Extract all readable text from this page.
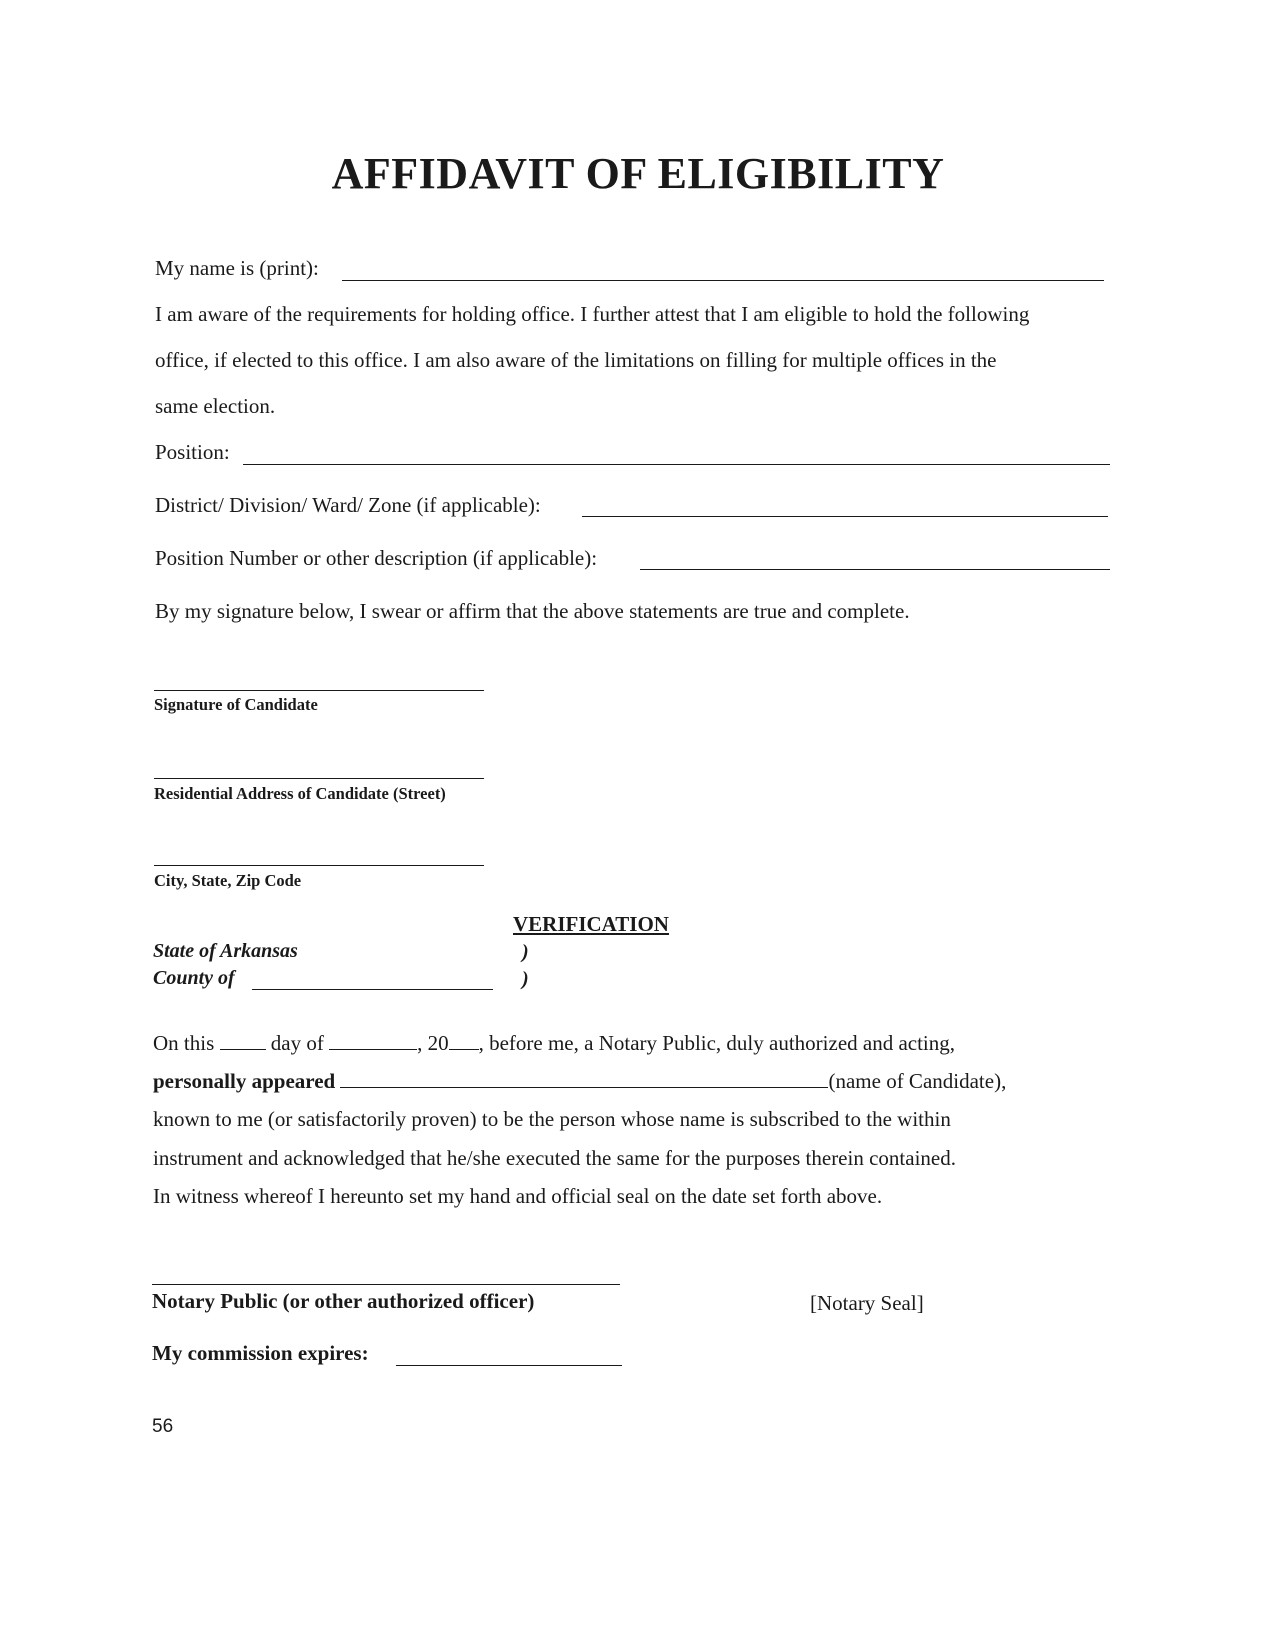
AFFIDAVIT OF ELIGIBILITY
My name is (print):
I am aware of the requirements for holding office. I further attest that I am eligible to hold the following
office, if elected to this office. I am also aware of the limitations on filling for multiple offices in the
same election.
Position:
District/ Division/ Ward/ Zone (if applicable):
Position Number or other description (if applicable):
By my signature below, I swear or affirm that the above statements are true and complete.
Signature of Candidate
Residential Address of Candidate (Street)
City, State, Zip Code
VERIFICATION
State of Arkansas
County of
)
)
On this	day of	, 20 , before me, a Notary Public, duly authorized and acting,
personally appeared	(name of Candidate),
known to me (or satisfactorily proven) to be the person whose name is subscribed to the within
instrument and acknowledged that he/she executed the same for the purposes therein contained.
In witness whereof I hereunto set my hand and official seal on the date set forth above.
Notary Public (or other authorized officer)	[Notary Seal]
My commission expires:
56
